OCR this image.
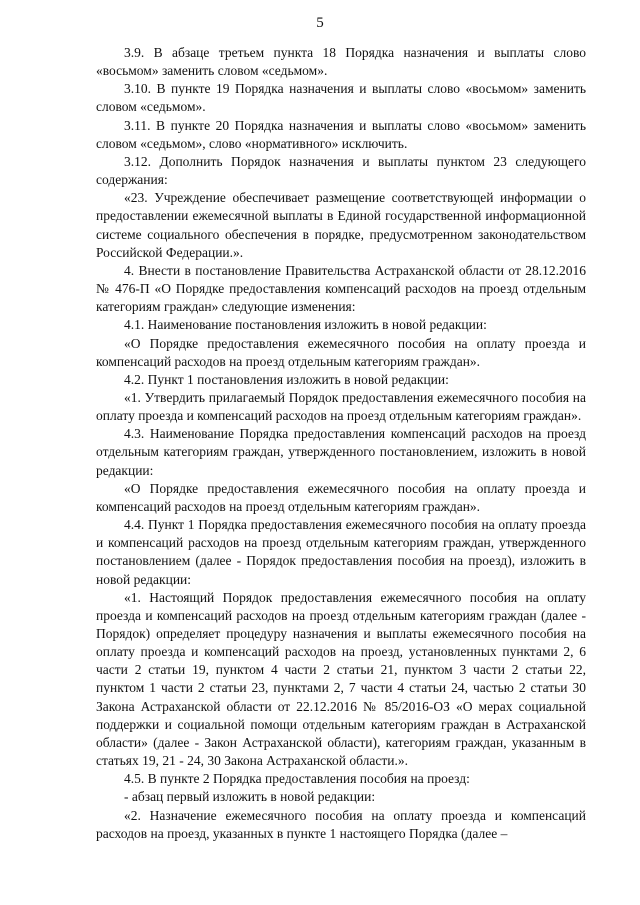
5

3.9. В абзаце третьем пункта 18 Порядка назначения и выплаты слово «восьмом» заменить словом «седьмом».

3.10. В пункте 19 Порядка назначения и выплаты слово «восьмом» заменить словом «седьмом».

3.11. В пункте 20 Порядка назначения и выплаты слово «восьмом» заменить словом «седьмом», слово «нормативного» исключить.

3.12. Дополнить Порядок назначения и выплаты пунктом 23 следующего содержания:

«23. Учреждение обеспечивает размещение соответствующей информации о предоставлении ежемесячной выплаты в Единой государственной информационной системе социального обеспечения в порядке, предусмотренном законодательством Российской Федерации.».

4. Внести в постановление Правительства Астраханской области от 28.12.2016 № 476-П «О Порядке предоставления компенсаций расходов на проезд отдельным категориям граждан» следующие изменения:

4.1. Наименование постановления изложить в новой редакции:

«О Порядке предоставления ежемесячного пособия на оплату проезда и компенсаций расходов на проезд отдельным категориям граждан».

4.2. Пункт 1 постановления изложить в новой редакции:

«1. Утвердить прилагаемый Порядок предоставления ежемесячного пособия на оплату проезда и компенсаций расходов на проезд отдельным категориям граждан».

4.3. Наименование Порядка предоставления компенсаций расходов на проезд отдельным категориям граждан, утвержденного постановлением, изложить в новой редакции:

«О Порядке предоставления ежемесячного пособия на оплату проезда и компенсаций расходов на проезд отдельным категориям граждан».

4.4. Пункт 1 Порядка предоставления ежемесячного пособия на оплату проезда и компенсаций расходов на проезд отдельным категориям граждан, утвержденного постановлением (далее - Порядок предоставления пособия на проезд), изложить в новой редакции:

«1. Настоящий Порядок предоставления ежемесячного пособия на оплату проезда и компенсаций расходов на проезд отдельным категориям граждан (далее - Порядок) определяет процедуру назначения и выплаты ежемесячного пособия на оплату проезда и компенсаций расходов на проезд, установленных пунктами 2, 6 части 2 статьи 19, пунктом 4 части 2 статьи 21, пунктом 3 части 2 статьи 22, пунктом 1 части 2 статьи 23, пунктами 2, 7 части 4 статьи 24, частью 2 статьи 30 Закона Астраханской области от 22.12.2016 № 85/2016-ОЗ «О мерах социальной поддержки и социальной помощи отдельным категориям граждан в Астраханской области» (далее - Закон Астраханской области), категориям граждан, указанным в статьях 19, 21 - 24, 30 Закона Астраханской области.».

4.5. В пункте 2 Порядка предоставления пособия на проезд:

- абзац первый изложить в новой редакции:

«2. Назначение ежемесячного пособия на оплату проезда и компенсаций расходов на проезд, указанных в пункте 1 настоящего Порядка (далее –
